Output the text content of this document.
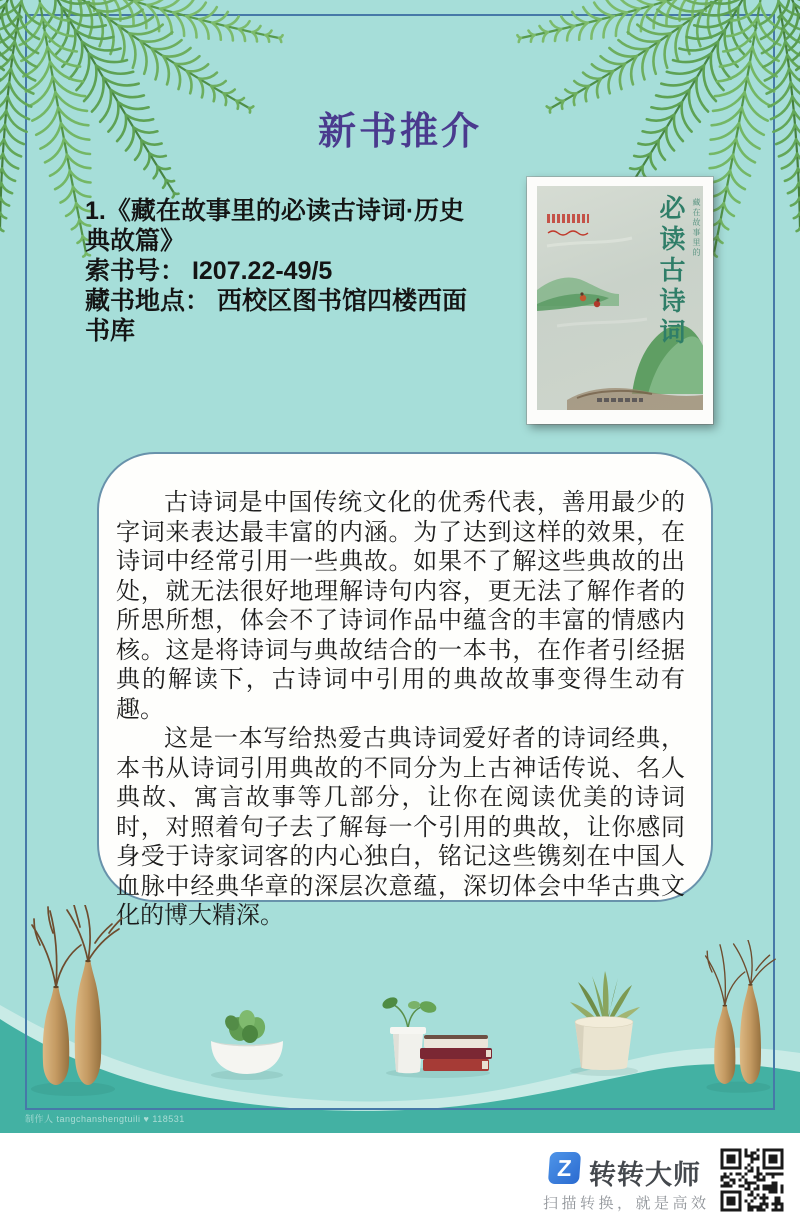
新书推介
1.《藏在故事里的必读古诗词·历史
典故篇》
索书号： I207.22-49/5
藏书地点： 西校区图书馆四楼西面
书库	必读古诗词 藏在故事里的

古诗词是中国传统文化的优秀代表，善用最少的字词来表达最丰富的内涵。为了达到这样的效果，在诗词中经常引用一些典故。如果不了解这些典故的出处，就无法很好地理解诗句内容，更无法了解作者的所思所想，体会不了诗词作品中蕴含的丰富的情感内核。这是将诗词与典故结合的一本书，在作者引经据典的解读下，古诗词中引用的典故故事变得生动有趣。

这是一本写给热爱古典诗词爱好者的诗词经典，本书从诗词引用典故的不同分为上古神话传说、名人典故、寓言故事等几部分，让你在阅读优美的诗词时，对照着句子去了解每一个引用的典故，让你感同身受于诗家词客的内心独白，铭记这些镌刻在中国人血脉中经典华章的深层次意蕴，深切体会中华古典文化的博大精深。

制作人 tangchanshengtuili ♥ 118531
Z 转转大师
扫描转换，就是高效
